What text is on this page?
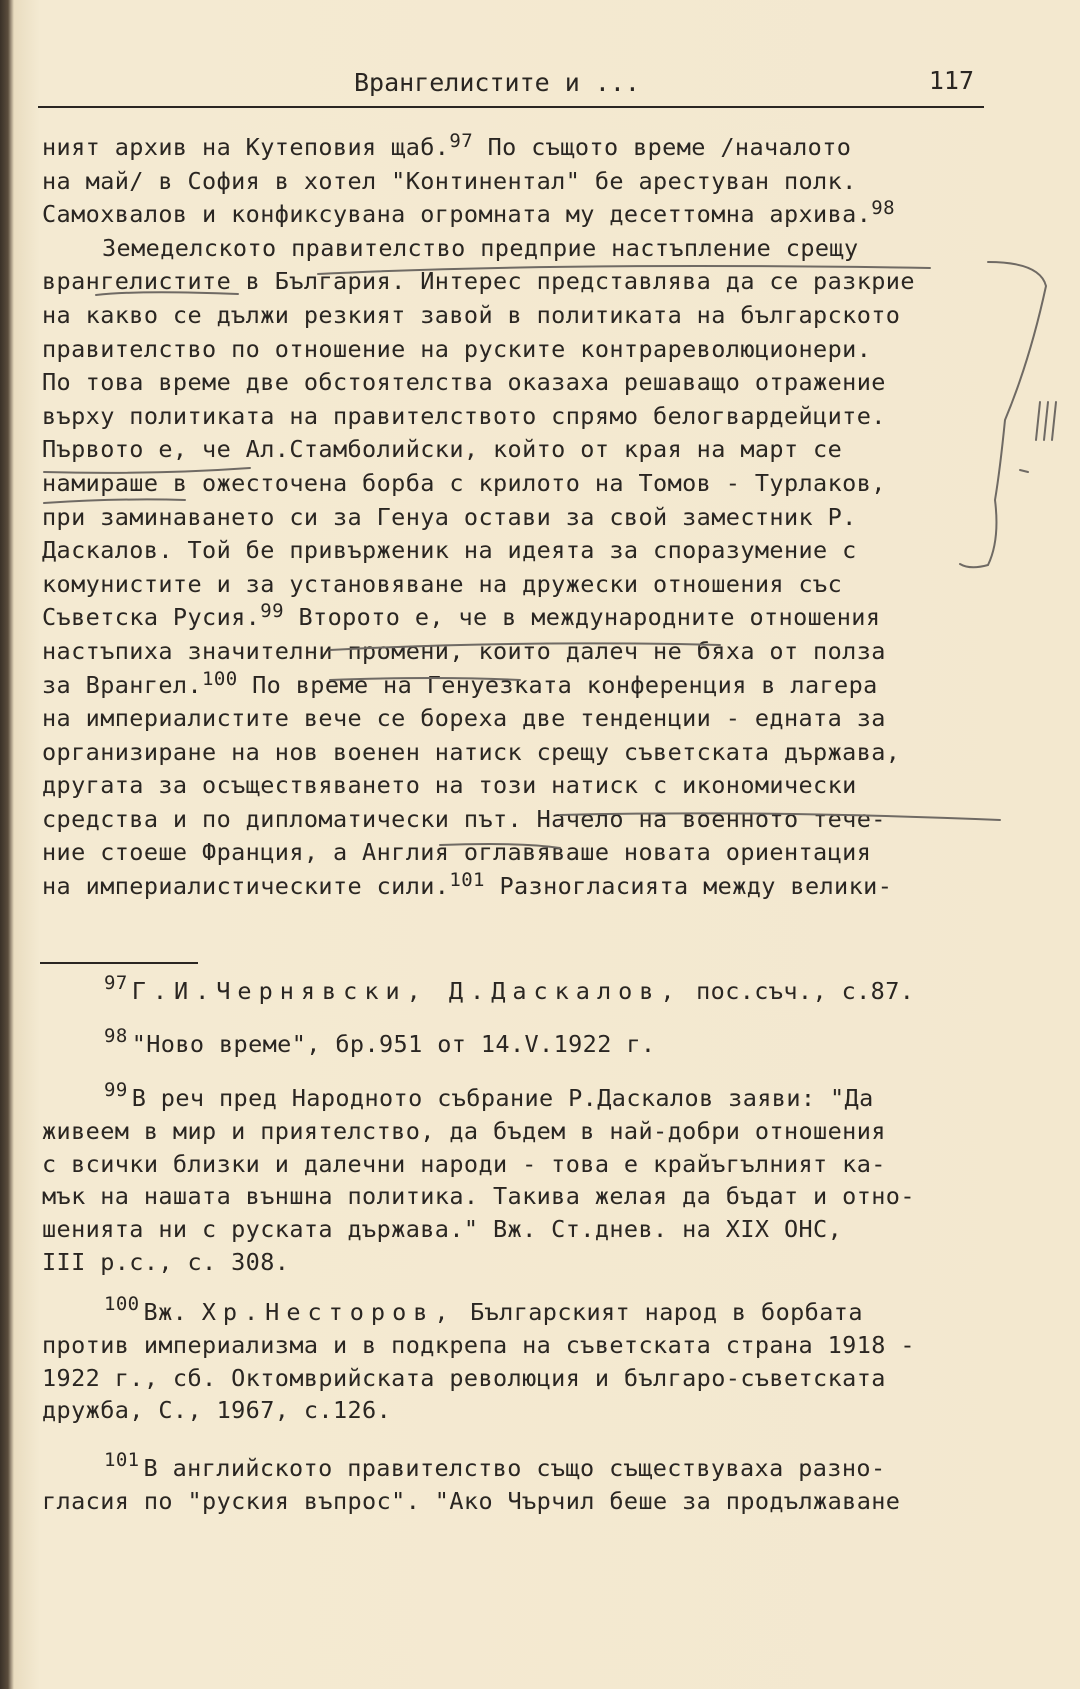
Врангелистите и ...	117
ният архив на Кутеповия щаб.$^{97}$ По същото време /началото
на май/ в София в хотел "Континентал" бе арестуван полк.
Самохвалов и конфиксувана огромната му десеттомна архива.$^{98}$
Земеделското правителство предприе настъпление срещу
врангелистите в България. Интерес представлява да се разкрие
на какво се дължи резкият завой в политиката на българското
правителство по отношение на руските контрареволюционери.
По това време две обстоятелства оказаха решаващо отражение
върху политиката на правителството спрямо белогвардейците.
Първото е, че Ал.Стамболийски, който от края на март се
намираше в ожесточена борба с крилото на Томов - Турлаков,
при заминаването си за Генуа остави за свой заместник Р.
Даскалов. Той бе привърженик на идеята за споразумение с
комунистите и за установяване на дружески отношения със
Съветска Русия.$^{99}$ Второто е, че в международните отношения
настъпиха значителни промени, които далеч не бяха от полза
за Врангел.$^{100}$ По време на Генуезката конференция в лагера
на империалистите вече се бореха две тенденции - едната за
организиране на нов военен натиск срещу съветската държава,
другата за осъществяването на този натиск с икономически
средства и по дипломатически път. Начело на военното тече-
ние стоеше Франция, а Англия оглавяваше новата ориентация
на империалистическите сили.$^{101}$ Разногласията между велики-
$^{97}$ Г.И.Чернявски, Д.Даскалов, пос.съч., с.87.
$^{98}$ "Ново време", бр.951 от 14.V.1922 г.
$^{99}$ В реч пред Народното събрание Р.Даскалов заяви: "Да
живеем в мир и приятелство, да бъдем в най-добри отношения
с всички близки и далечни народи - това е крайъгълният ка-
мък на нашата външна политика. Такива желая да бъдат и отно-
шенията ни с руската държава." Вж. Ст.днев. на XIX ОНС,
III р.с., с. 308.
$^{100}$ Вж. Хр.Несторов, Българският народ в борбата
против империализма и в подкрепа на съветската страна 1918 -
1922 г., сб. Октомврийската революция и българо-съветската
дружба, С., 1967, с.126.
$^{101}$ В английското правителство също съществуваха разно-
гласия по "руския въпрос". "Ако Чърчил беше за продължаване
